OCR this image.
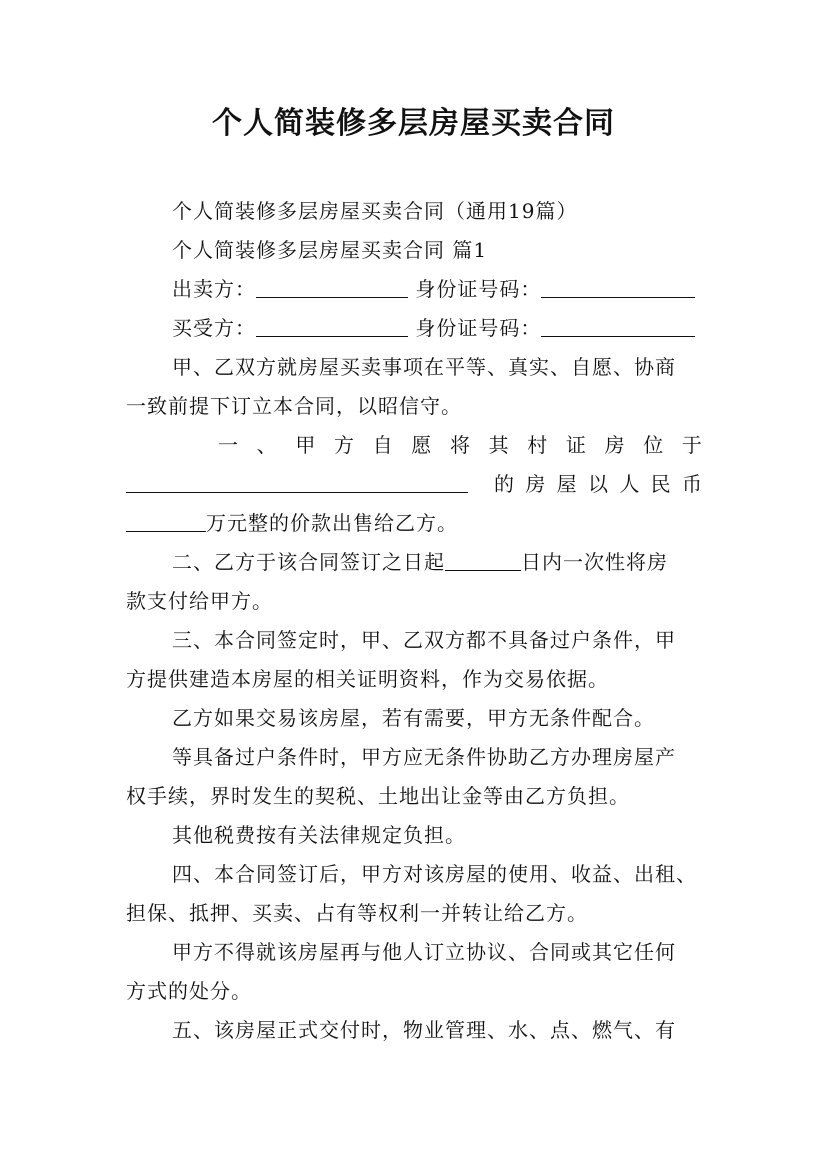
个人简装修多层房屋买卖合同
个人简装修多层房屋买卖合同（通用19篇）
个人简装修多层房屋买卖合同 篇1
出卖方：	身份证号码：
买受方：	身份证号码：
甲、乙双方就房屋买卖事项在平等、真实、自愿、协商
一致前提下订立本合同，以昭信守。
一 、 甲 方 自 愿 将 其 村 证 房 位 于
的 房 屋 以 人 民 币
万元整的价款出售给乙方。
二、乙方于该合同签订之日起	日内一次性将房
款支付给甲方。
三、本合同签定时，甲、乙双方都不具备过户条件，甲
方提供建造本房屋的相关证明资料，作为交易依据。
乙方如果交易该房屋，若有需要，甲方无条件配合。
等具备过户条件时，甲方应无条件协助乙方办理房屋产
权手续，界时发生的契税、土地出让金等由乙方负担。
其他税费按有关法律规定负担。
四、本合同签订后，甲方对该房屋的使用、收益、出租、
担保、抵押、买卖、占有等权利一并转让给乙方。
甲方不得就该房屋再与他人订立协议、合同或其它任何
方式的处分。
五、该房屋正式交付时，物业管理、水、点、燃气、有
